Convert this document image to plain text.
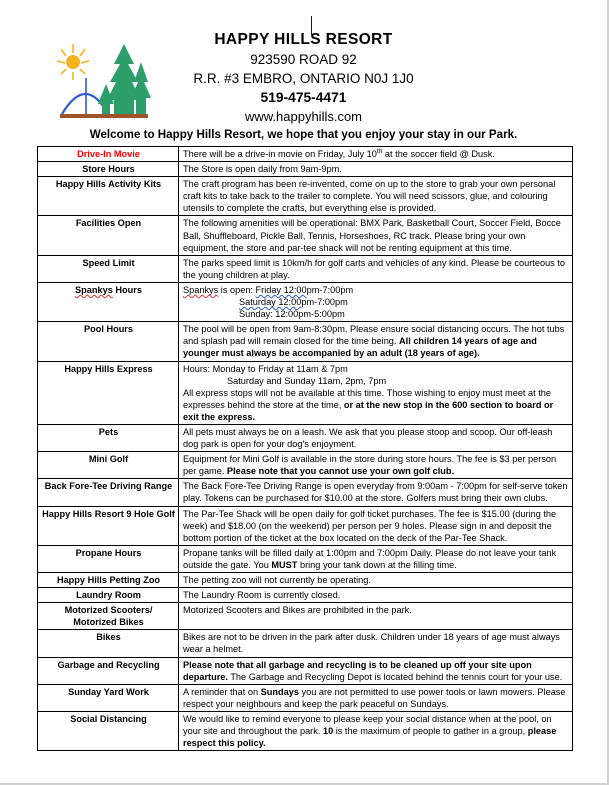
HAPPY HILLS RESORT
923590 ROAD 92
R.R. #3 EMBRO, ONTARIO N0J 1J0
519-475-4471
www.happyhills.com
Welcome to Happy Hills Resort, we hope that you enjoy your stay in our Park.
Drive-In Movie	There will be a drive-in movie on Friday, July 10th at the soccer field @ Dusk.
Store Hours	The Store is open daily from 9am-9pm.
Happy Hills Activity Kits	The craft program has been re-invented, come on up to the store to grab your own personal craft kits to take back to the trailer to complete. You will need scissors, glue, and colouring utensils to complete the crafts, but everything else is provided.
Facilities Open	The following amenities will be operational: BMX Park, Basketball Court, Soccer Field, Bocce Ball, Shuffleboard, Pickle Ball, Tennis, Horseshoes, RC track. Please bring your own equipment, the store and par-tee shack will not be renting equipment at this time.
Speed Limit	The parks speed limit is 10km/h for golf carts and vehicles of any kind. Please be courteous to the young children at play.
Spankys Hours	Spankys is open: Friday 12:00pm-7:00pm
Saturday 12:00pm-7:00pm
Sunday: 12:00pm-5:00pm

Pool Hours	The pool will be open from 9am-8:30pm. Please ensure social distancing occurs. The hot tubs and splash pad will remain closed for the time being. All children 14 years of age and younger must always be accompanied by an adult (18 years of age).
Happy Hills Express	Hours: Monday to Friday at 11am & 7pm
Saturday and Sunday 11am, 2pm, 7pm
All express stops will not be available at this time. Those wishing to enjoy must meet at the expresses behind the store at the time, or at the new stop in the 600 section to board or exit the express.
Pets	All pets must always be on a leash. We ask that you please stoop and scoop. Our off-leash dog park is open for your dog's enjoyment.
Mini Golf	Equipment for Mini Golf is available in the store during store hours. The fee is $3 per person per game. Please note that you cannot use your own golf club.
Back Fore-Tee Driving Range	The Back Fore-Tee Driving Range is open everyday from 9:00am - 7:00pm for self-serve token play. Tokens can be purchased for $10.00 at the store. Golfers must bring their own clubs.
Happy Hills Resort 9 Hole Golf	The Par-Tee Shack will be open daily for golf ticket purchases. The fee is $15.00 (during the week) and $18.00 (on the weekend) per person per 9 holes. Please sign in and deposit the bottom portion of the ticket at the box located on the deck of the Par-Tee Shack.
Propane Hours	Propane tanks will be filled daily at 1:00pm and 7:00pm Daily. Please do not leave your tank outside the gate. You MUST bring your tank down at the filling time.
Happy Hills Petting Zoo	The petting zoo will not currently be operating.
Laundry Room	The Laundry Room is currently closed.
Motorized Scooters/ Motorized Bikes	Motorized Scooters and Bikes are prohibited in the park.
Bikes	Bikes are not to be driven in the park after dusk. Children under 18 years of age must always wear a helmet.
Garbage and Recycling	Please note that all garbage and recycling is to be cleaned up off your site upon departure. The Garbage and Recycling Depot is located behind the tennis court for your use.
Sunday Yard Work	A reminder that on Sundays you are not permitted to use power tools or lawn mowers. Please respect your neighbours and keep the park peaceful on Sundays.
Social Distancing	We would like to remind everyone to please keep your social distance when at the pool, on your site and throughout the park. 10 is the maximum of people to gather in a group, please respect this policy.
